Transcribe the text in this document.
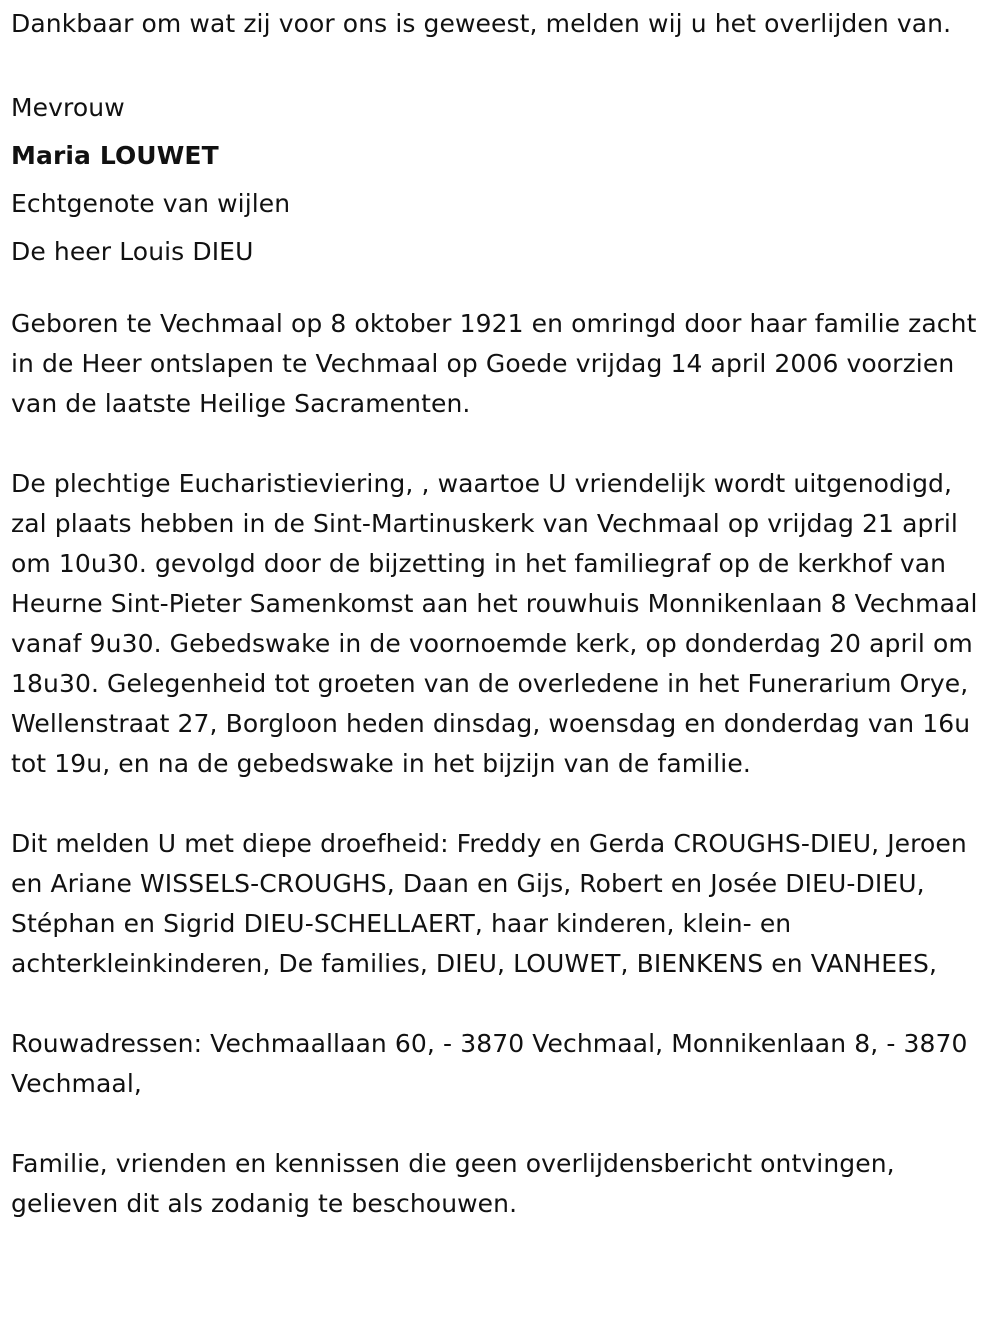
Dankbaar om wat zij voor ons is geweest, melden wij u het overlijden van.

Mevrouw

Maria LOUWET

Echtgenote van wijlen

De heer Louis DIEU

Geboren te Vechmaal op 8 oktober 1921 en omringd door haar familie zacht in de Heer ontslapen te Vechmaal op Goede vrijdag 14 april 2006 voorzien van de laatste Heilige Sacramenten.

De plechtige Eucharistieviering, , waartoe U vriendelijk wordt uitgenodigd, zal plaats hebben in de Sint-Martinuskerk van Vechmaal op vrijdag 21 april om 10u30. gevolgd door de bijzetting in het familiegraf op de kerkhof van Heurne Sint-Pieter Samenkomst aan het rouwhuis Monnikenlaan 8 Vechmaal vanaf 9u30. Gebedswake in de voornoemde kerk, op donderdag 20 april om 18u30. Gelegenheid tot groeten van de overledene in het Funerarium Orye, Wellenstraat 27, Borgloon heden dinsdag, woensdag en donderdag van 16u tot 19u, en na de gebedswake in het bijzijn van de familie.

Dit melden U met diepe droefheid: Freddy en Gerda CROUGHS-DIEU, Jeroen en Ariane WISSELS-CROUGHS, Daan en Gijs, Robert en Josée DIEU-DIEU, Stéphan en Sigrid DIEU-SCHELLAERT, haar kinderen, klein- en achterkleinkinderen, De families, DIEU, LOUWET, BIENKENS en VANHEES,

Rouwadressen: Vechmaallaan 60, - 3870 Vechmaal, Monnikenlaan 8, - 3870 Vechmaal,

Familie, vrienden en kennissen die geen overlijdensbericht ontvingen, gelieven dit als zodanig te beschouwen.
